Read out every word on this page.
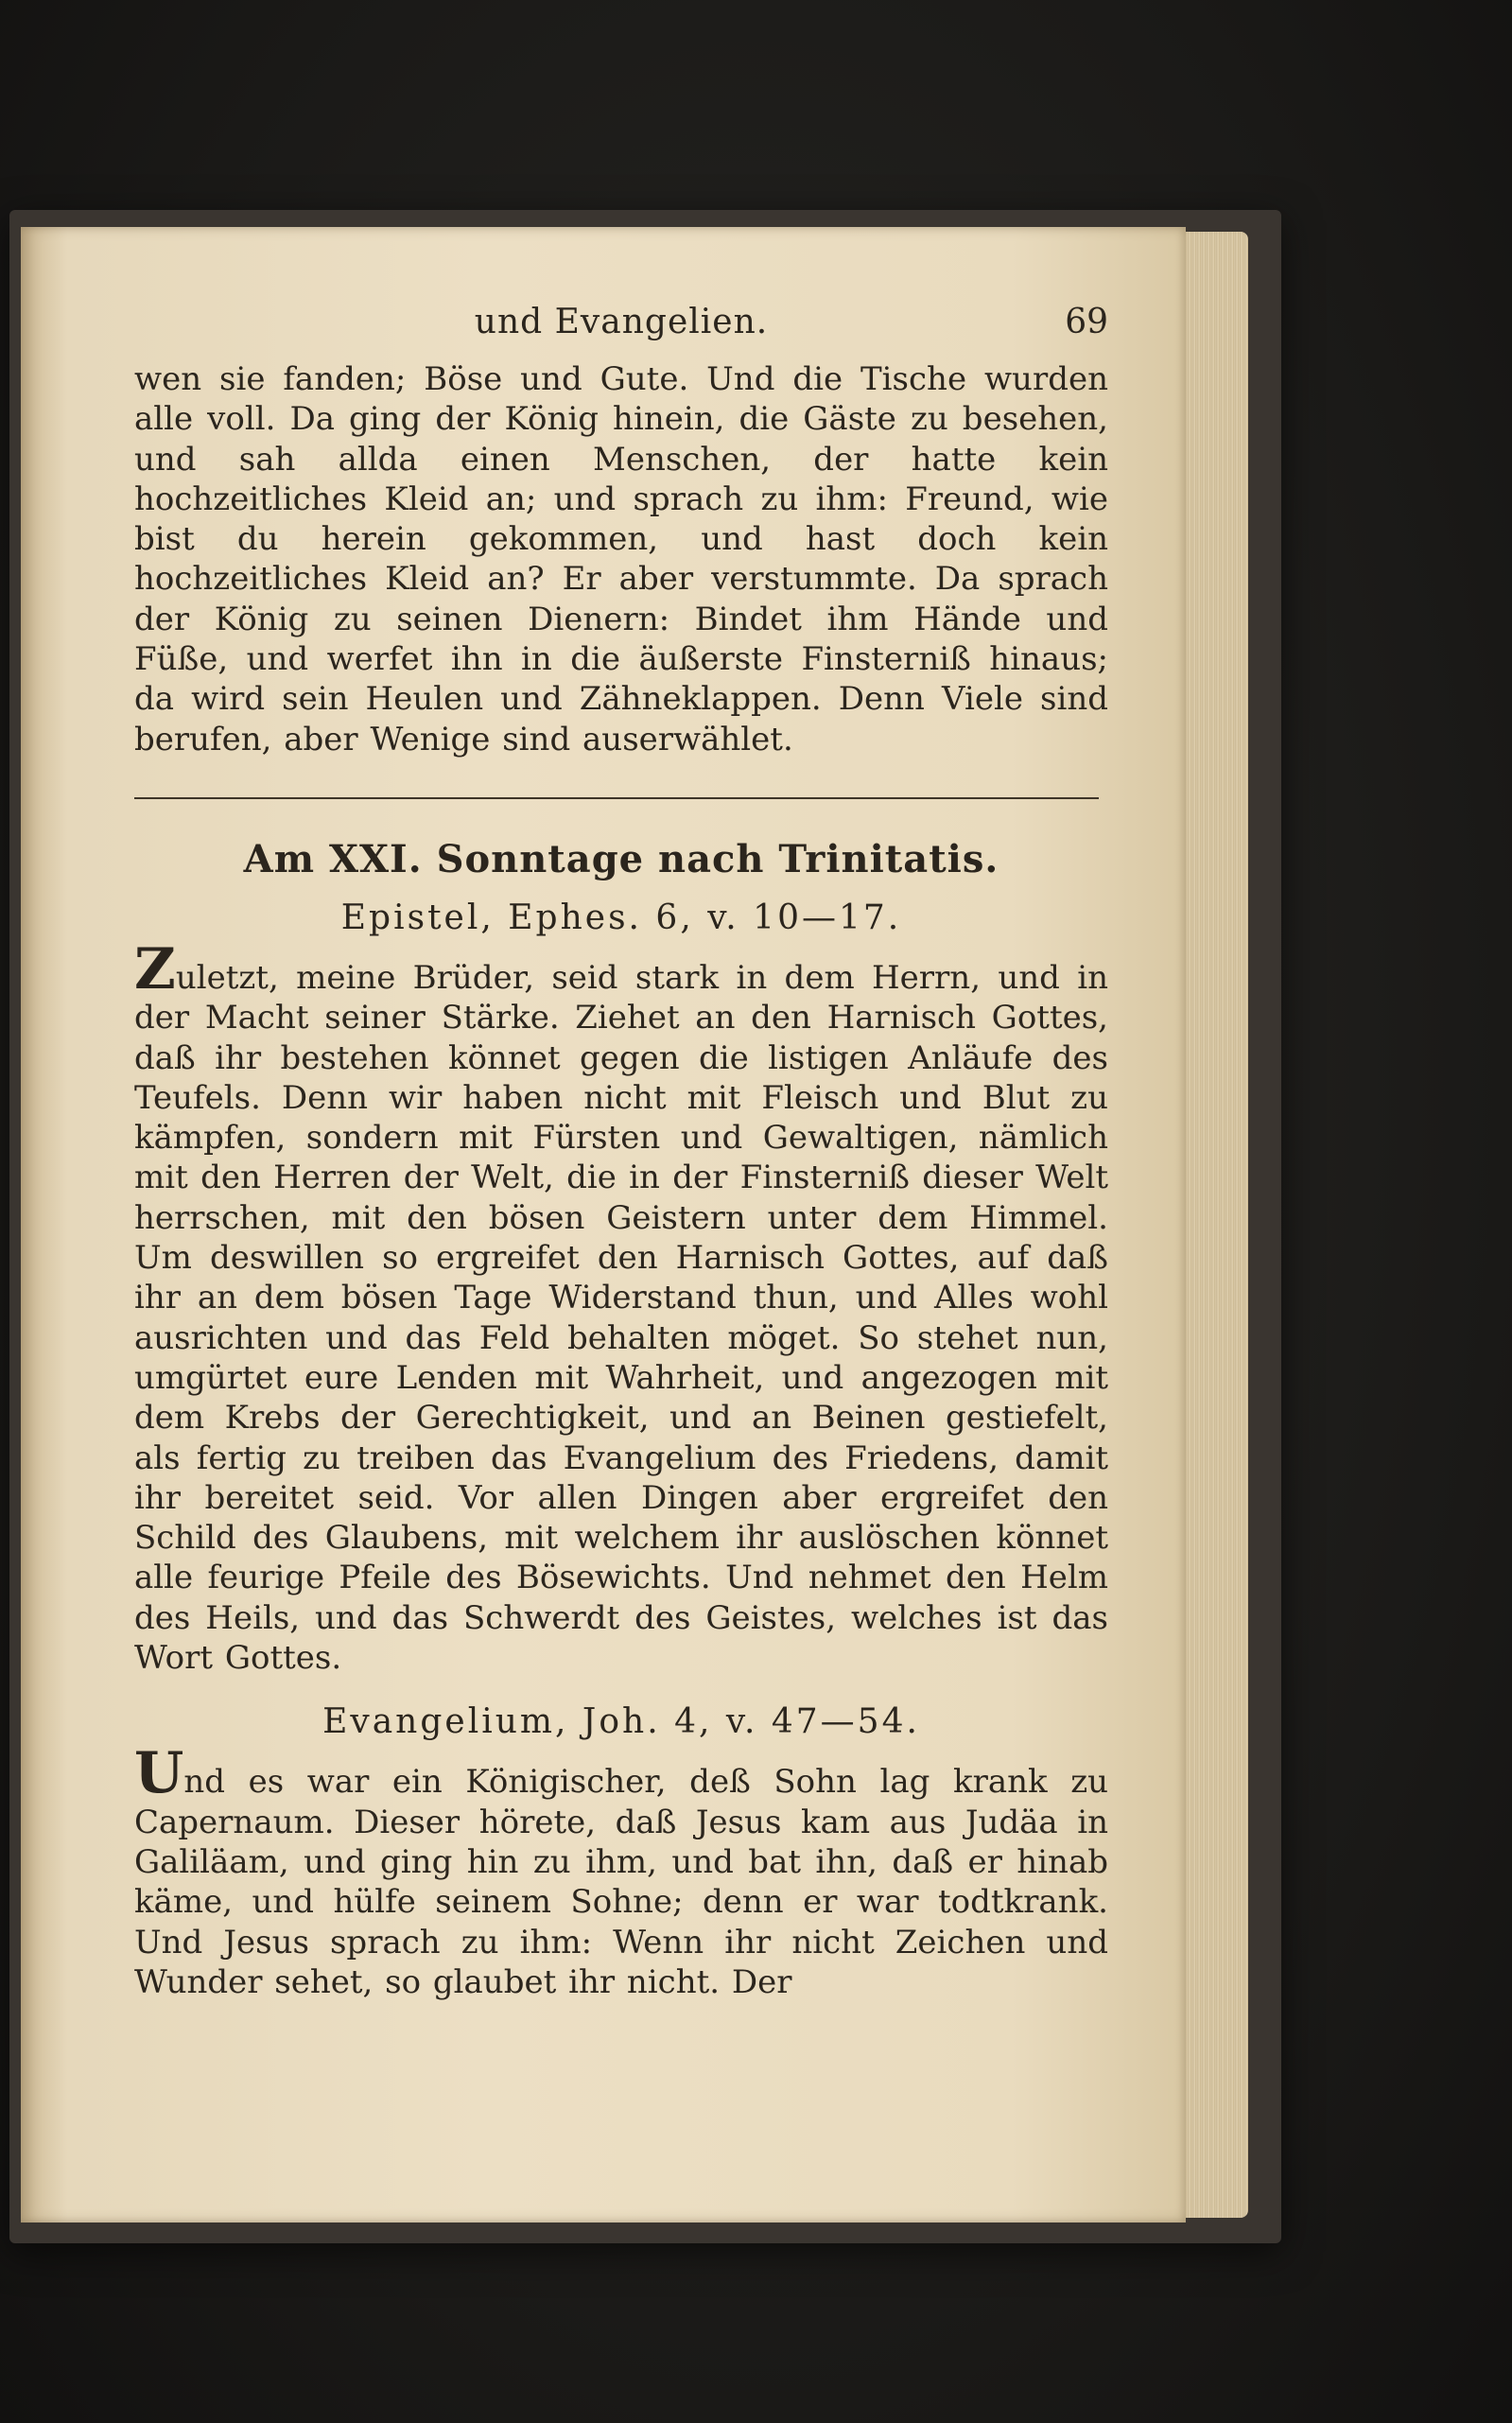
und Evangelien.	69

wen sie fanden; Böse und Gute. Und die Tische wurden alle voll. Da ging der König hinein, die Gäste zu besehen, und sah allda einen Menschen, der hatte kein hochzeitliches Kleid an; und sprach zu ihm: Freund, wie bist du herein gekommen, und hast doch kein hochzeitliches Kleid an? Er aber verstummte. Da sprach der König zu seinen Dienern: Bindet ihm Hände und Füße, und werfet ihn in die äußerste Finsterniß hinaus; da wird sein Heulen und Zähneklappen. Denn Viele sind berufen, aber Wenige sind auserwählet.

Am XXI. Sonntage nach Trinitatis.
Epistel, Ephes. 6, v. 10—17.

Zuletzt, meine Brüder, seid stark in dem Herrn, und in der Macht seiner Stärke. Ziehet an den Harnisch Gottes, daß ihr bestehen könnet gegen die listigen Anläufe des Teufels. Denn wir haben nicht mit Fleisch und Blut zu kämpfen, sondern mit Fürsten und Gewaltigen, nämlich mit den Herren der Welt, die in der Finsterniß dieser Welt herrschen, mit den bösen Geistern unter dem Himmel. Um deswillen so ergreifet den Harnisch Gottes, auf daß ihr an dem bösen Tage Widerstand thun, und Alles wohl ausrichten und das Feld behalten möget. So stehet nun, umgürtet eure Lenden mit Wahrheit, und angezogen mit dem Krebs der Gerechtigkeit, und an Beinen gestiefelt, als fertig zu treiben das Evangelium des Friedens, damit ihr bereitet seid. Vor allen Dingen aber ergreifet den Schild des Glaubens, mit welchem ihr auslöschen könnet alle feurige Pfeile des Bösewichts. Und nehmet den Helm des Heils, und das Schwerdt des Geistes, welches ist das Wort Gottes.

Evangelium, Joh. 4, v. 47—54.

Und es war ein Königischer, deß Sohn lag krank zu Capernaum. Dieser hörete, daß Jesus kam aus Judäa in Galiläam, und ging hin zu ihm, und bat ihn, daß er hinab käme, und hülfe seinem Sohne; denn er war todtkrank. Und Jesus sprach zu ihm: Wenn ihr nicht Zeichen und Wunder sehet, so glaubet ihr nicht. Der
